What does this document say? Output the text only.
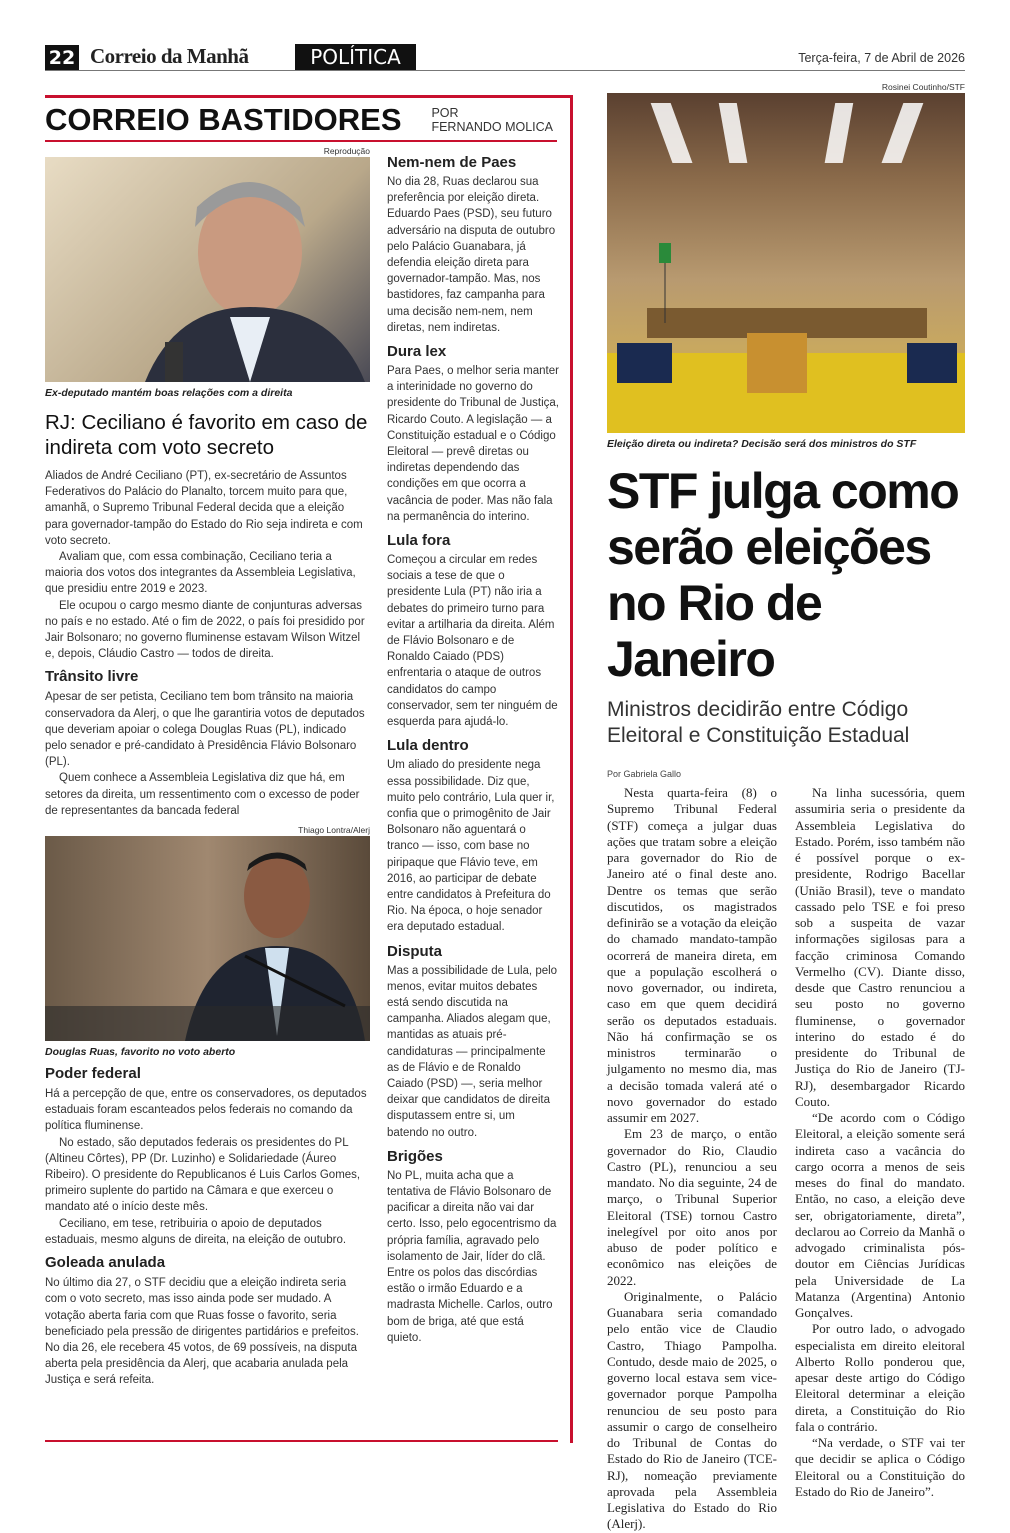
22 Correio da Manhã	POLÍTICA	Terça-feira, 7 de Abril de 2026
CORREIO BASTIDORES POR
FERNANDO MOLICA
Reprodução
Ex-deputado mantém boas relações com a direita
RJ: Ceciliano é favorito em caso de indireta com voto secreto

Aliados de André Ceciliano (PT), ex-secretário de Assuntos Federativos do Palácio do Planalto, torcem muito para que, amanhã, o Supremo Tribunal Federal decida que a eleição para governador-tampão do Estado do Rio seja indireta e com voto secreto.

Avaliam que, com essa combinação, Ceciliano teria a maioria dos votos dos integrantes da Assembleia Legislativa, que presidiu entre 2019 e 2023.

Ele ocupou o cargo mesmo diante de conjunturas adversas no país e no estado. Até o fim de 2022, o país foi presidido por Jair Bolsonaro; no governo fluminense estavam Wilson Witzel e, depois, Cláudio Castro — todos de direita.

Trânsito livre

Apesar de ser petista, Ceciliano tem bom trânsito na maioria conservadora da Alerj, o que lhe garantiria votos de deputados que deveriam apoiar o colega Douglas Ruas (PL), indicado pelo senador e pré-candidato à Presidência Flávio Bolsonaro (PL).

Quem conhece a Assembleia Legislativa diz que há, em setores da direita, um ressentimento com o excesso de poder de representantes da bancada federal

Thiago Lontra/Alerj
Douglas Ruas, favorito no voto aberto
Poder federal

Há a percepção de que, entre os conservadores, os deputados estaduais foram escanteados pelos federais no comando da política fluminense.

No estado, são deputados federais os presidentes do PL (Altineu Côrtes), PP (Dr. Luzinho) e Solidariedade (Áureo Ribeiro). O presidente do Republicanos é Luis Carlos Gomes, primeiro suplente do partido na Câmara e que exerceu o mandato até o início deste mês.

Ceciliano, em tese, retribuiria o apoio de deputados estaduais, mesmo alguns de direita, na eleição de outubro.

Goleada anulada

No último dia 27, o STF decidiu que a eleição indireta seria com o voto secreto, mas isso ainda pode ser mudado. A votação aberta faria com que Ruas fosse o favorito, seria beneficiado pela pressão de dirigentes partidários e prefeitos. No dia 26, ele recebera 45 votos, de 69 possíveis, na disputa aberta pela presidência da Alerj, que acabaria anulada pela Justiça e será refeita.

Nem-nem de Paes

No dia 28, Ruas declarou sua preferência por eleição direta. Eduardo Paes (PSD), seu futuro adversário na disputa de outubro pelo Palácio Guanabara, já defendia eleição direta para governador-tampão. Mas, nos bastidores, faz campanha para uma decisão nem-nem, nem diretas, nem indiretas.

Dura lex

Para Paes, o melhor seria manter a interinidade no governo do presidente do Tribunal de Justiça, Ricardo Couto. A legislação — a Constituição estadual e o Código Eleitoral — prevê diretas ou indiretas dependendo das condições em que ocorra a vacância de poder. Mas não fala na permanência do interino.

Lula fora

Começou a circular em redes sociais a tese de que o presidente Lula (PT) não iria a debates do primeiro turno para evitar a artilharia da direita. Além de Flávio Bolsonaro e de Ronaldo Caiado (PDS) enfrentaria o ataque de outros candidatos do campo conservador, sem ter ninguém de esquerda para ajudá-lo.

Lula dentro

Um aliado do presidente nega essa possibilidade. Diz que, muito pelo contrário, Lula quer ir, confia que o primogênito de Jair Bolsonaro não aguentará o tranco — isso, com base no piripaque que Flávio teve, em 2016, ao participar de debate entre candidatos à Prefeitura do Rio. Na época, o hoje senador era deputado estadual.

Disputa

Mas a possibilidade de Lula, pelo menos, evitar muitos debates está sendo discutida na campanha. Aliados alegam que, mantidas as atuais pré-candidaturas — principalmente as de Flávio e de Ronaldo Caiado (PSD) —, seria melhor deixar que candidatos de direita disputassem entre si, um batendo no outro.

Brigões

No PL, muita acha que a tentativa de Flávio Bolsonaro de pacificar a direita não vai dar certo. Isso, pelo egocentrismo da própria família, agravado pelo isolamento de Jair, líder do clã. Entre os polos das discórdias estão o irmão Eduardo e a madrasta Michelle. Carlos, outro bom de briga, até que está quieto.

Rosinei Coutinho/STF
Eleição direta ou indireta? Decisão será dos ministros do STF
STF julga como serão eleições no Rio de Janeiro
Ministros decidirão entre Código Eleitoral e Constituição Estadual
Por Gabriela Gallo

Nesta quarta-feira (8) o Supremo Tribunal Federal (STF) começa a julgar duas ações que tratam sobre a eleição para governador do Rio de Janeiro até o final deste ano. Dentre os temas que serão discutidos, os magistrados definirão se a votação da eleição do chamado mandato-tampão ocorrerá de maneira direta, em que a população escolherá o novo governador, ou indireta, caso em que quem decidirá serão os deputados estaduais. Não há confirmação se os ministros terminarão o julgamento no mesmo dia, mas a decisão tomada valerá até o novo governador do estado assumir em 2027.

Em 23 de março, o então governador do Rio, Claudio Castro (PL), renunciou a seu mandato. No dia seguinte, 24 de março, o Tribunal Superior Eleitoral (TSE) tornou Castro inelegível por oito anos por abuso de poder político e econômico nas eleições de 2022.

Originalmente, o Palácio Guanabara seria comandado pelo então vice de Claudio Castro, Thiago Pampolha. Contudo, desde maio de 2025, o governo local estava sem vice-governador porque Pampolha renunciou de seu posto para assumir o cargo de conselheiro do Tribunal de Contas do Estado do Rio de Janeiro (TCE-RJ), nomeação previamente aprovada pela Assembleia Legislativa do Estado do Rio (Alerj).

Na linha sucessória, quem assumiria seria o presidente da Assembleia Legislativa do Estado. Porém, isso também não é possível porque o ex-presidente, Rodrigo Bacellar (União Brasil), teve o mandato cassado pelo TSE e foi preso sob a suspeita de vazar informações sigilosas para a facção criminosa Comando Vermelho (CV). Diante disso, desde que Castro renunciou a seu posto no governo fluminense, o governador interino do estado é do presidente do Tribunal de Justiça do Rio de Janeiro (TJ-RJ), desembargador Ricardo Couto.

“De acordo com o Código Eleitoral, a eleição somente será indireta caso a vacância do cargo ocorra a menos de seis meses do final do mandato. Então, no caso, a eleição deve ser, obrigatoriamente, direta”, declarou ao Correio da Manhã o advogado criminalista pós-doutor em Ciências Jurídicas pela Universidade de La Matanza (Argentina) Antonio Gonçalves.

Por outro lado, o advogado especialista em direito eleitoral Alberto Rollo ponderou que, apesar deste artigo do Código Eleitoral determinar a eleição direta, a Constituição do Rio fala o contrário.

“Na verdade, o STF vai ter que decidir se aplica o Código Eleitoral ou a Constituição do Estado do Rio de Janeiro”.
